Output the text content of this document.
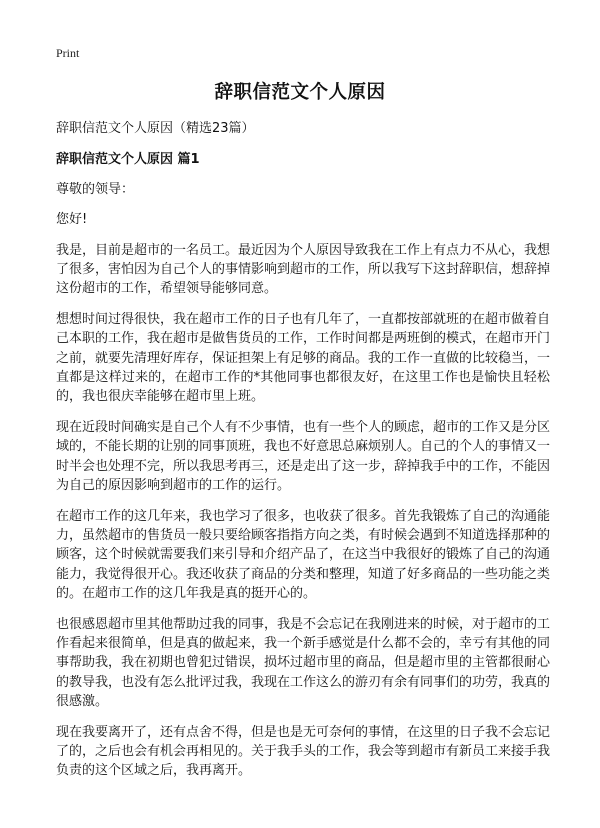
Print
辞职信范文个人原因

辞职信范文个人原因（精选23篇）

辞职信范文个人原因 篇1

尊敬的领导：

您好!

我是，目前是超市的一名员工。最近因为个人原因导致我在工作上有点力不从心，我想了很多，害怕因为自己个人的事情影响到超市的工作，所以我写下这封辞职信，想辞掉这份超市的工作，希望领导能够同意。

想想时间过得很快，我在超市工作的日子也有几年了，一直都按部就班的在超市做着自己本职的工作，我在超市是做售货员的工作，工作时间都是两班倒的模式，在超市开门之前，就要先清理好库存，保证担架上有足够的商品。我的工作一直做的比较稳当，一直都是这样过来的，在超市工作的*其他同事也都很友好，在这里工作也是愉快且轻松的，我也很庆幸能够在超市里上班。

现在近段时间确实是自己个人有不少事情，也有一些个人的顾虑，超市的工作又是分区域的，不能长期的让别的同事顶班，我也不好意思总麻烦别人。自己的个人的事情又一时半会也处理不完，所以我思考再三，还是走出了这一步，辞掉我手中的工作，不能因为自己的原因影响到超市的工作的运行。

在超市工作的这几年来，我也学习了很多，也收获了很多。首先我锻炼了自己的沟通能力，虽然超市的售货员一般只要给顾客指指方向之类，有时候会遇到不知道选择那种的顾客，这个时候就需要我们来引导和介绍产品了，在这当中我很好的锻炼了自己的沟通能力，我觉得很开心。我还收获了商品的分类和整理，知道了好多商品的一些功能之类的。在超市工作的这几年我是真的挺开心的。

也很感恩超市里其他帮助过我的同事，我是不会忘记在我刚进来的时候，对于超市的工作看起来很简单，但是真的做起来，我一个新手感觉是什么都不会的，幸亏有其他的同事帮助我，我在初期也曾犯过错误，损坏过超市里的商品，但是超市里的主管都很耐心的教导我，也没有怎么批评过我，我现在工作这么的游刃有余有同事们的功劳，我真的很感激。

现在我要离开了，还有点舍不得，但是也是无可奈何的事情，在这里的日子我不会忘记了的，之后也会有机会再相见的。关于我手头的工作，我会等到超市有新员工来接手我负责的这个区域之后，我再离开。
